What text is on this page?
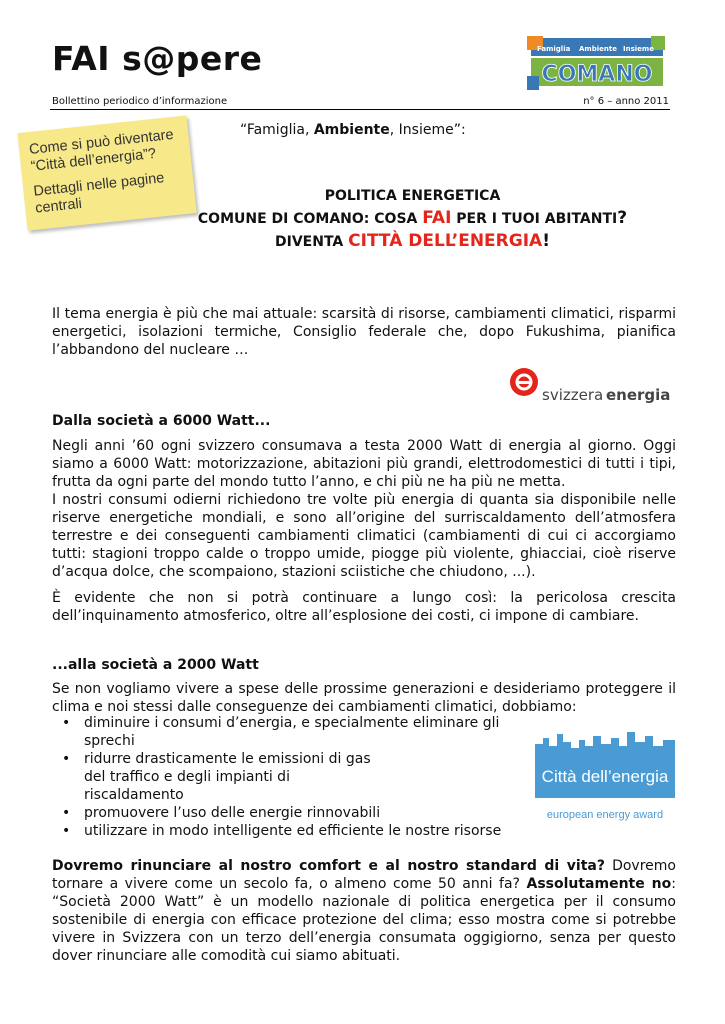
FAI s@pere
Bollettino periodico d’informazione	n° 6 – anno 2011
Famiglia Ambiente Insieme
COMANO

Come si può diventare “Città dell’energia”?

Dettagli nelle pagine centrali

“Famiglia, Ambiente, Insieme”:
POLITICA ENERGETICA
COMUNE DI COMANO: COSA FAI PER I TUOI ABITANTI?
DIVENTA CITTÀ DELL’ENERGIA!

Il tema energia è più che mai attuale: scarsità di risorse, cambiamenti climatici, risparmi energetici, isolazioni termiche, Consiglio federale che, dopo Fukushima, pianifica l’abbandono del nucleare …

svizzera energia
Dalla società a 6000 Watt...

Negli anni ’60 ogni svizzero consumava a testa 2000 Watt di energia al giorno. Oggi siamo a 6000 Watt: motorizzazione, abitazioni più grandi, elettrodomestici di tutti i tipi, frutta da ogni parte del mondo tutto l’anno, e chi più ne ha più ne metta.

I nostri consumi odierni richiedono tre volte più energia di quanta sia disponibile nelle riserve energetiche mondiali, e sono all’origine del surriscaldamento dell’atmosfera terrestre e dei conseguenti cambiamenti climatici (cambiamenti di cui ci accorgiamo tutti: stagioni troppo calde o troppo umide, piogge più violente, ghiacciai, cioè riserve d’acqua dolce, che scompaiono, stazioni sciistiche che chiudono, ...).

È evidente che non si potrà continuare a lungo così: la pericolosa crescita dell’inquinamento atmosferico, oltre all’esplosione dei costi, ci impone di cambiare.

...alla società a 2000 Watt

Se non vogliamo vivere a spese delle prossime generazioni e desideriamo proteggere il clima e noi stessi dalle conseguenze dei cambiamenti climatici, dobbiamo:

• diminuire i consumi d’energia, e specialmente eliminare gli sprechi
• ridurre drasticamente le emissioni di gas del traffico e degli impianti di riscaldamento
• promuovere l’uso delle energie rinnovabili
• utilizzare in modo intelligente ed efficiente le nostre risorse
Città dell’energia
european energy award

Dovremo rinunciare al nostro comfort e al nostro standard di vita? Dovremo tornare a vivere come un secolo fa, o almeno come 50 anni fa? Assolutamente no: “Società 2000 Watt” è un modello nazionale di politica energetica per il consumo sostenibile di energia con efficace protezione del clima; esso mostra come si potrebbe vivere in Svizzera con un terzo dell’energia consumata oggigiorno, senza per questo dover rinunciare alle comodità cui siamo abituati.
